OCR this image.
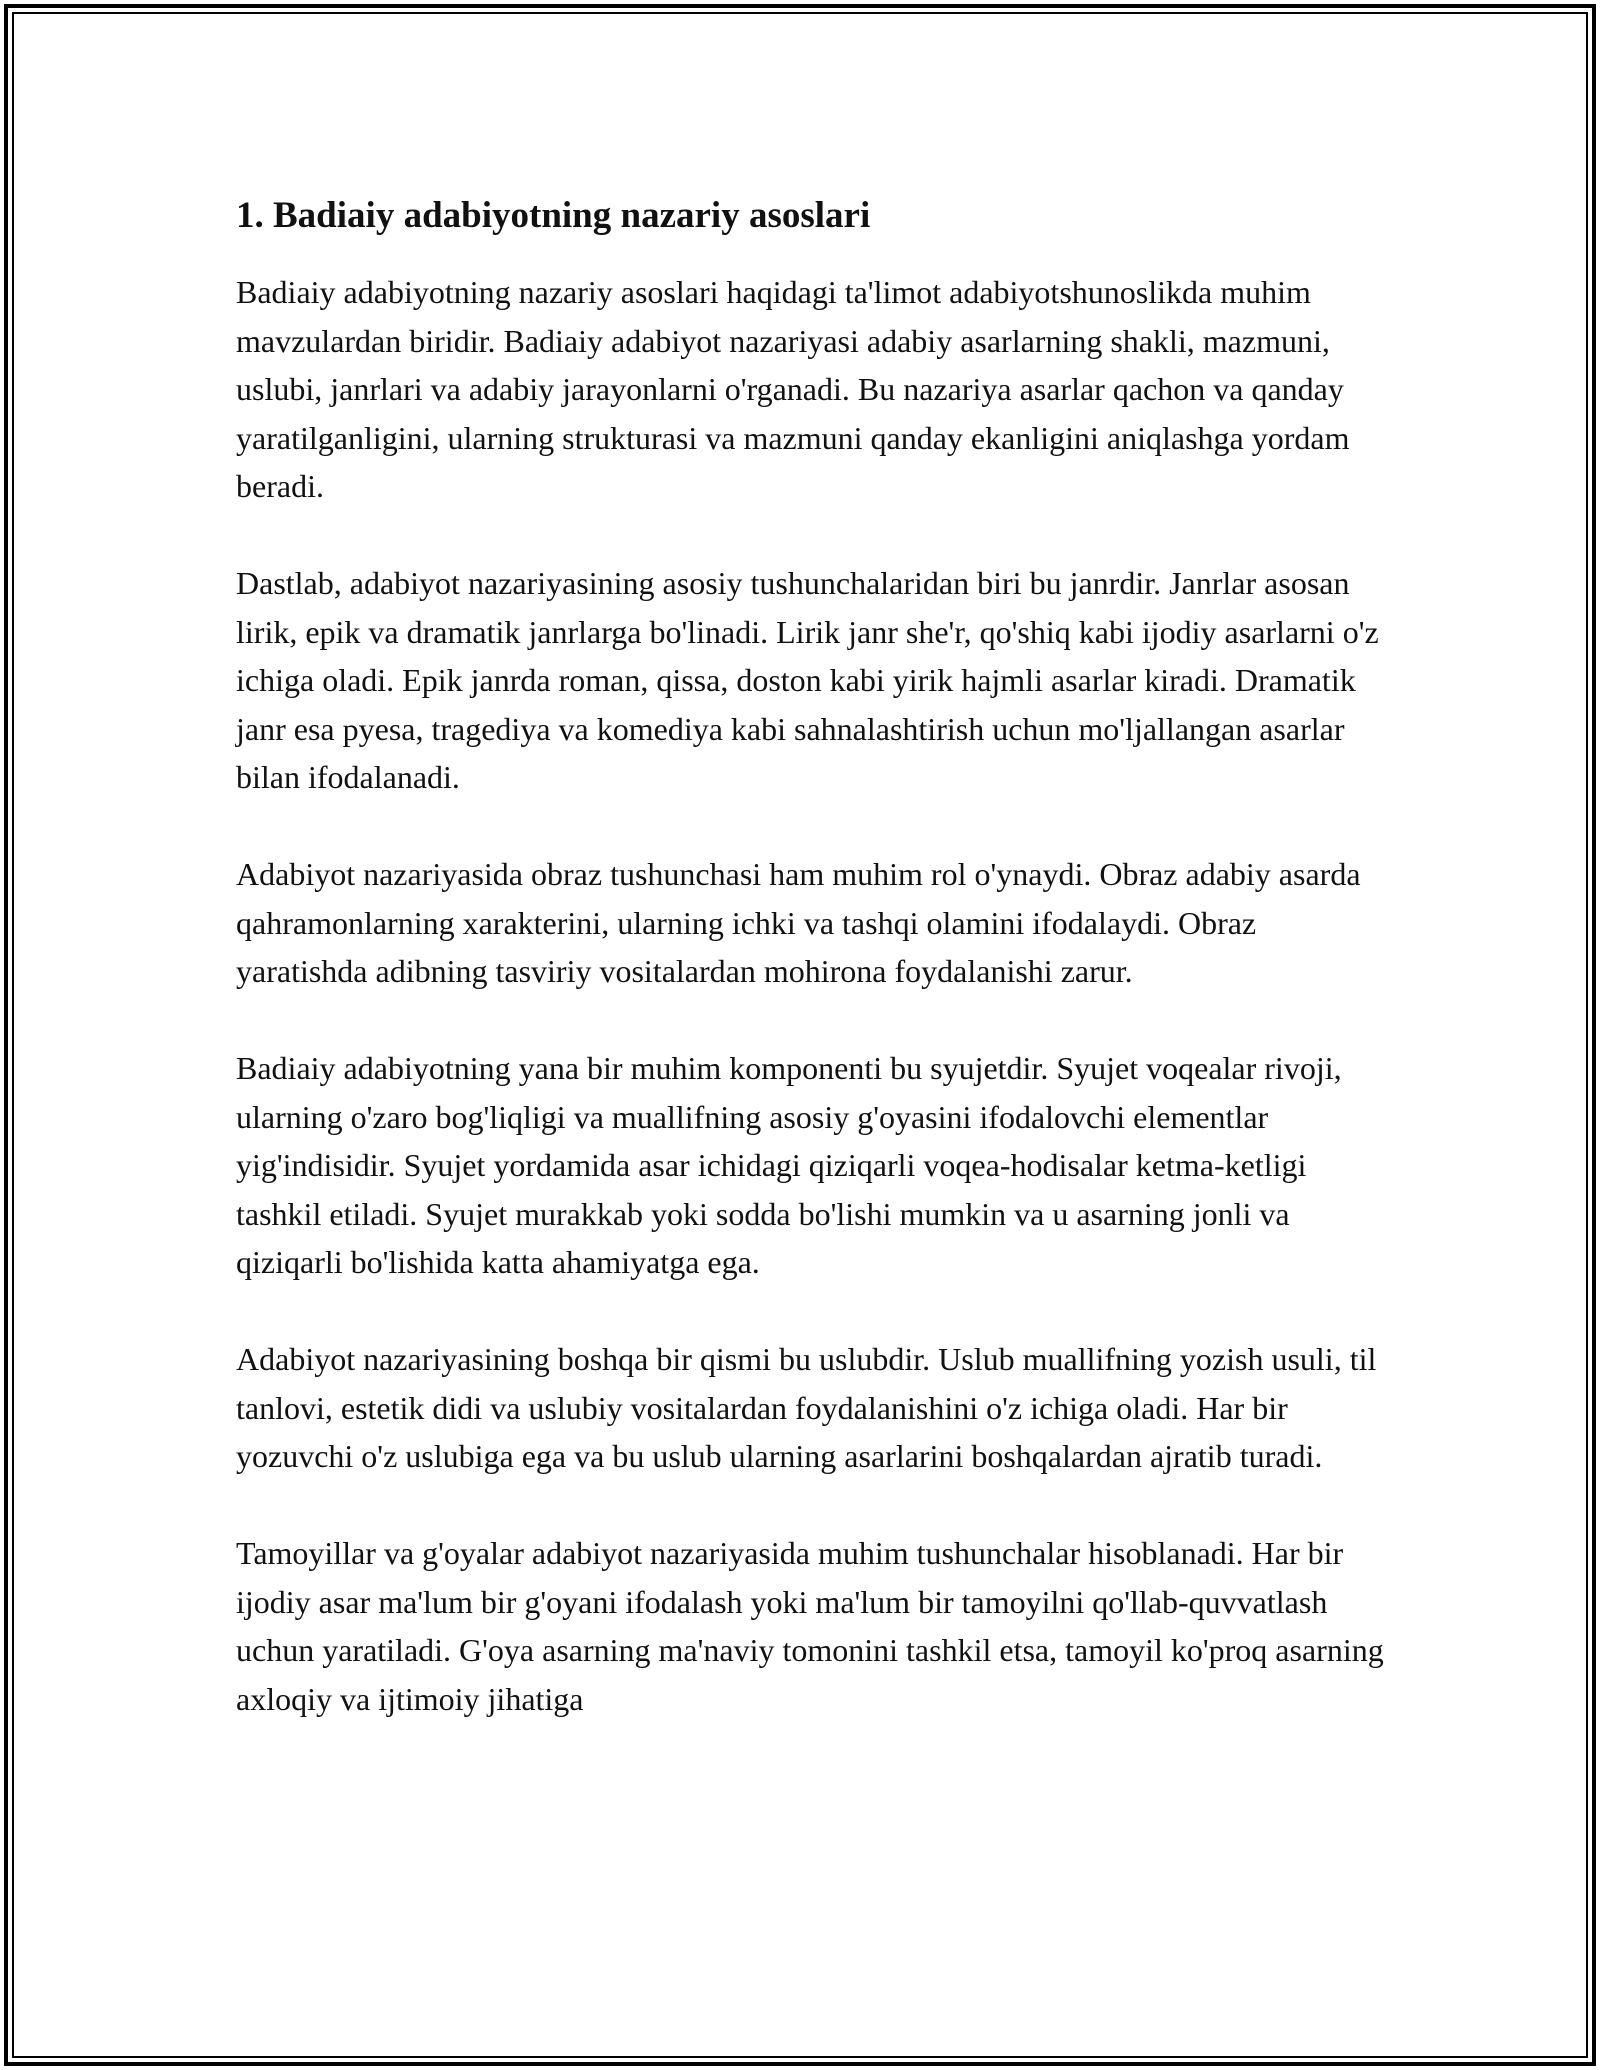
1. Badiaiy adabiyotning nazariy asoslari

Badiaiy adabiyotning nazariy asoslari haqidagi ta'limot adabiyotshunoslikda muhim mavzulardan biridir. Badiaiy adabiyot nazariyasi adabiy asarlarning shakli, mazmuni, uslubi, janrlari va adabiy jarayonlarni o'rganadi. Bu nazariya asarlar qachon va qanday yaratilganligini, ularning strukturasi va mazmuni qanday ekanligini aniqlashga yordam beradi.

Dastlab, adabiyot nazariyasining asosiy tushunchalaridan biri bu janrdir. Janrlar asosan lirik, epik va dramatik janrlarga bo'linadi. Lirik janr she'r, qo'shiq kabi ijodiy asarlarni o'z ichiga oladi. Epik janrda roman, qissa, doston kabi yirik hajmli asarlar kiradi. Dramatik janr esa pyesa, tragediya va komediya kabi sahnalashtirish uchun mo'ljallangan asarlar bilan ifodalanadi.

Adabiyot nazariyasida obraz tushunchasi ham muhim rol o'ynaydi. Obraz adabiy asarda qahramonlarning xarakterini, ularning ichki va tashqi olamini ifodalaydi. Obraz yaratishda adibning tasviriy vositalardan mohirona foydalanishi zarur.

Badiaiy adabiyotning yana bir muhim komponenti bu syujetdir. Syujet voqealar rivoji, ularning o'zaro bog'liqligi va muallifning asosiy g'oyasini ifodalovchi elementlar yig'indisidir. Syujet yordamida asar ichidagi qiziqarli voqea-hodisalar ketma-ketligi tashkil etiladi. Syujet murakkab yoki sodda bo'lishi mumkin va u asarning jonli va qiziqarli bo'lishida katta ahamiyatga ega.

Adabiyot nazariyasining boshqa bir qismi bu uslubdir. Uslub muallifning yozish usuli, til tanlovi, estetik didi va uslubiy vositalardan foydalanishini o'z ichiga oladi. Har bir yozuvchi o'z uslubiga ega va bu uslub ularning asarlarini boshqalardan ajratib turadi.

Tamoyillar va g'oyalar adabiyot nazariyasida muhim tushunchalar hisoblanadi. Har bir ijodiy asar ma'lum bir g'oyani ifodalash yoki ma'lum bir tamoyilni qo'llab-quvvatlash uchun yaratiladi. G'oya asarning ma'naviy tomonini tashkil etsa, tamoyil ko'proq asarning axloqiy va ijtimoiy jihatiga
